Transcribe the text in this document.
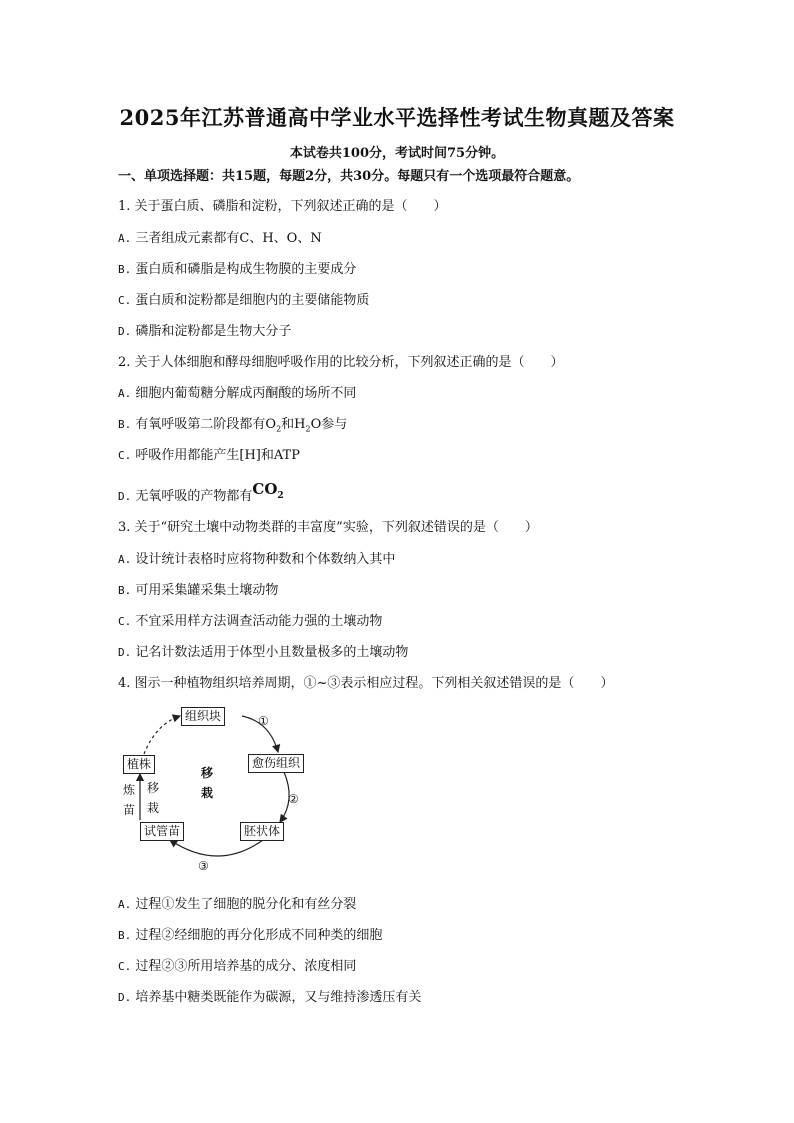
2025年江苏普通高中学业水平选择性考试生物真题及答案
本试卷共100分，考试时间75分钟。
一、单项选择题：共15题，每题2分，共30分。每题只有一个选项最符合题意。
1. 关于蛋白质、磷脂和淀粉，下列叙述正确的是（ ）
A. 三者组成元素都有C、H、O、N
B. 蛋白质和磷脂是构成生物膜的主要成分
C. 蛋白质和淀粉都是细胞内的主要储能物质
D. 磷脂和淀粉都是生物大分子
2. 关于人体细胞和酵母细胞呼吸作用的比较分析，下列叙述正确的是（ ）
A. 细胞内葡萄糖分解成丙酮酸的场所不同
B. 有氧呼吸第二阶段都有$O_2$和$H_2O$参与
C. 呼吸作用都能产生[H]和ATP
D. 无氧呼吸的产物都有$CO_2$
3. 关于“研究土壤中动物类群的丰富度”实验，下列叙述错误的是（ ）
A. 设计统计表格时应将物种数和个体数纳入其中
B. 可用采集罐采集土壤动物
C. 不宜采用样方法调查活动能力强的土壤动物
D. 记名计数法适用于体型小且数量极多的土壤动物
4. 图示一种植物组织培养周期，①~③表示相应过程。下列相关叙述错误的是（ ）
组织块
愈伤组织
胚状体
试管苗
植株
①
②
③
移
栽
炼
苗
移
栽
A. 过程①发生了细胞的脱分化和有丝分裂
B. 过程②经细胞的再分化形成不同种类的细胞
C. 过程②③所用培养基的成分、浓度相同
D. 培养基中糖类既能作为碳源，又与维持渗透压有关
